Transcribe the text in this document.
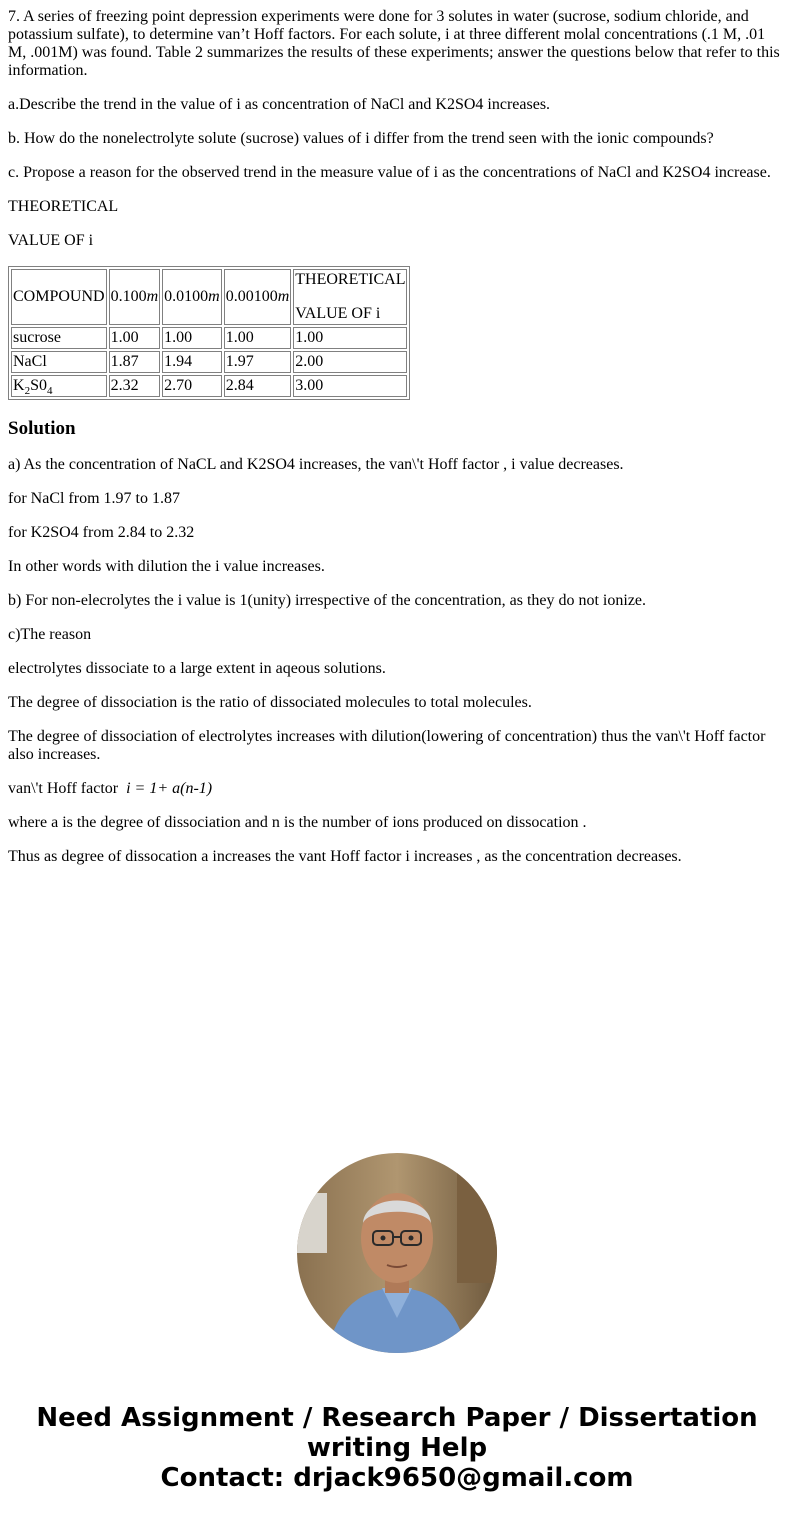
7. A series of freezing point depression experiments were done for 3 solutes in water (sucrose, sodium chloride, and potassium sulfate), to determine van’t Hoff factors. For each solute, i at three different molal concentrations (.1 M, .01 M, .001M) was found. Table 2 summarizes the results of these experiments; answer the questions below that refer to this information.

a.Describe the trend in the value of i as concentration of NaCl and K2SO4 increases.

b. How do the nonelectrolyte solute (sucrose) values of i differ from the trend seen with the ionic compounds?

c. Propose a reason for the observed trend in the measure value of i as the concentrations of NaCl and K2SO4 increase.

THEORETICAL

VALUE OF i

COMPOUND	0.100m	0.0100m	0.00100m	THEORETICAL
VALUE OF i

sucrose	1.00	1.00	1.00	1.00
NaCl	1.87	1.94	1.97	2.00
$K_2S0_4$	2.32	2.70	2.84	3.00
Solution

a) As the concentration of NaCL and K2SO4 increases, the van\'t Hoff factor , i value decreases.

for NaCl from 1.97 to 1.87

for K2SO4 from 2.84 to 2.32

In other words with dilution the i value increases.

b) For non-elecrolytes the i value is 1(unity) irrespective of the concentration, as they do not ionize.

c)The reason

electrolytes dissociate to a large extent in aqeous solutions.

The degree of dissociation is the ratio of dissociated molecules to total molecules.

The degree of dissociation of electrolytes increases with dilution(lowering of concentration) thus the van\'t Hoff factor also increases.

van\'t Hoff factor  i = 1+ a(n-1)

where a is the degree of dissociation and n is the number of ions produced on dissocation .

Thus as degree of dissocation a increases the vant Hoff factor i increases , as the concentration decreases.

Need Assignment / Research Paper / Dissertation
writing Help
Contact: drjack9650@gmail.com
